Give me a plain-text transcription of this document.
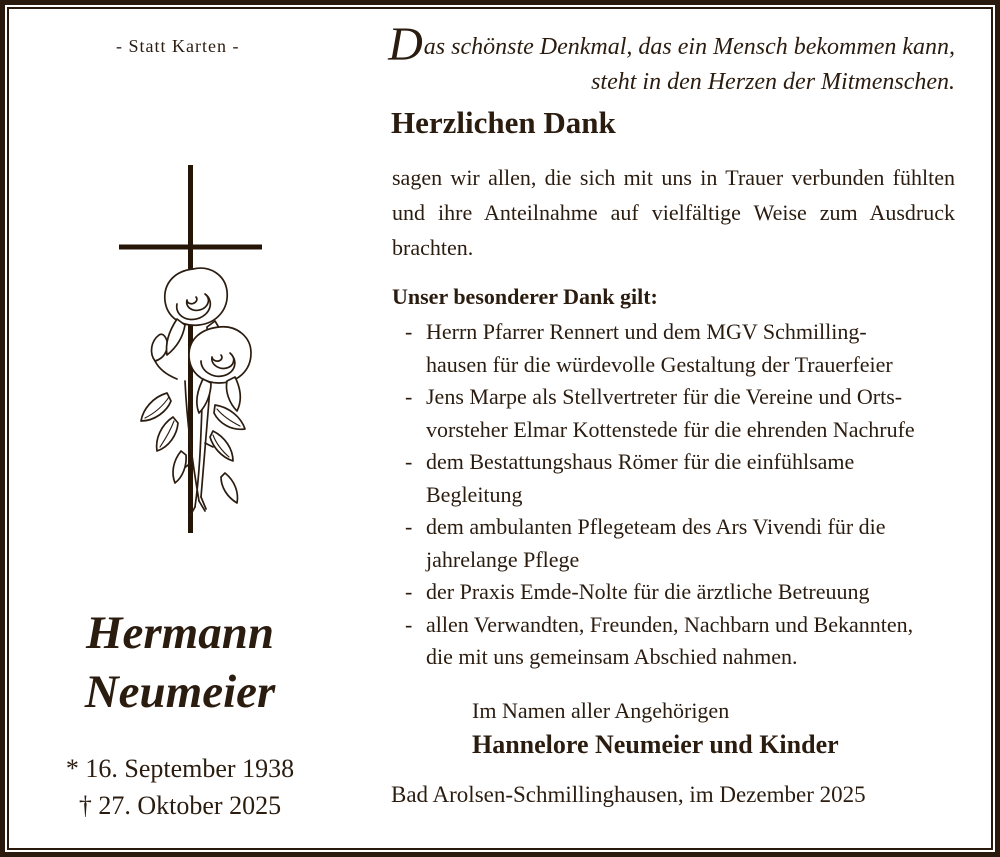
- Statt Karten -	Das schönste Denkmal, das ein Mensch bekommen kann,
steht in den Herzen der Mitmenschen.
Herzlichen Dank
sagen wir allen, die sich mit uns in Trauer verbunden fühlten und ihre Anteilnahme auf vielfältige Weise zum Ausdruck brachten.
Unser besonderer Dank gilt:
- Herrn Pfarrer Rennert und dem MGV Schmilling-
hausen für die würdevolle Gestaltung der Trauerfeier
- Jens Marpe als Stellvertreter für die Vereine und Orts-
vorsteher Elmar Kottenstede für die ehrenden Nachrufe
- dem Bestattungshaus Römer für die einfühlsame
Begleitung
- dem ambulanten Pflegeteam des Ars Vivendi für die
jahrelange Pflege
- der Praxis Emde-Nolte für die ärztliche Betreuung
- allen Verwandten, Freunden, Nachbarn und Bekannten,
die mit uns gemeinsam Abschied nahmen.
Im Namen aller Angehörigen
Hannelore Neumeier und Kinder
Bad Arolsen-Schmillinghausen, im Dezember 2025
Hermann
Neumeier
* 16. September 1938
† 27. Oktober 2025
